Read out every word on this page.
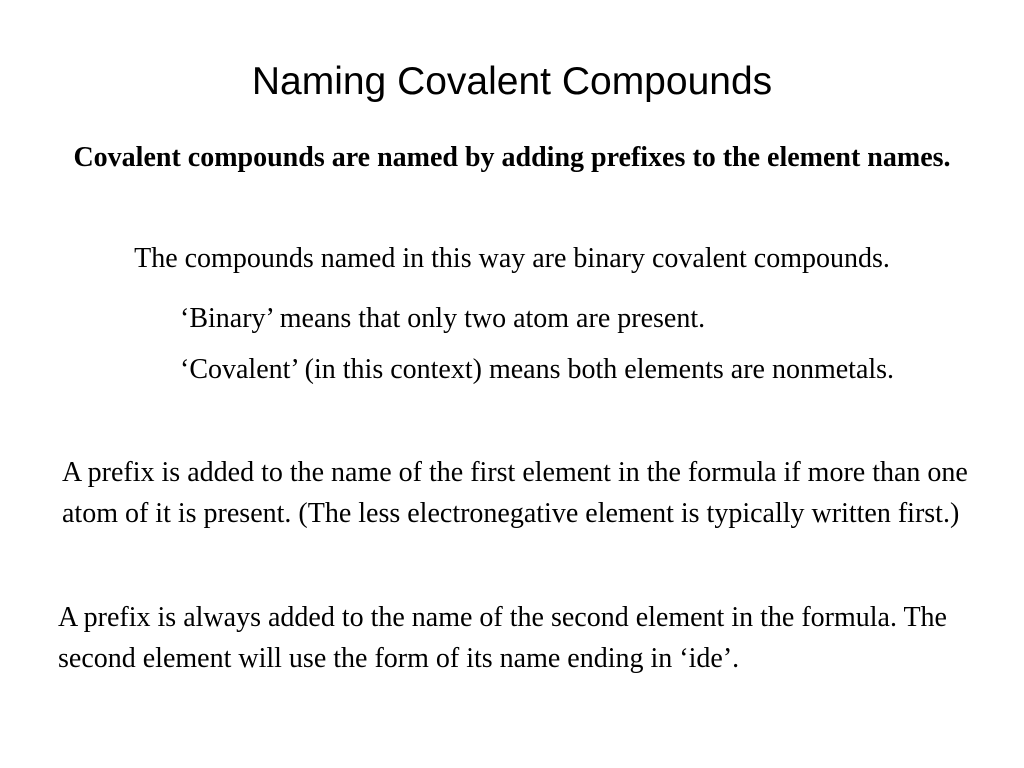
Naming Covalent Compounds

Covalent compounds are named by adding prefixes to the element names.

The compounds named in this way are binary covalent compounds.

‘Binary’ means that only two atom are present.

‘Covalent’ (in this context) means both elements are nonmetals.

A prefix is added to the name of the first element in the formula if more than one atom of it is present. (The less electronegative element is typically written first.)

A prefix is always added to the name of the second element in the formula. The second element will use the form of its name ending in ‘ide’.
